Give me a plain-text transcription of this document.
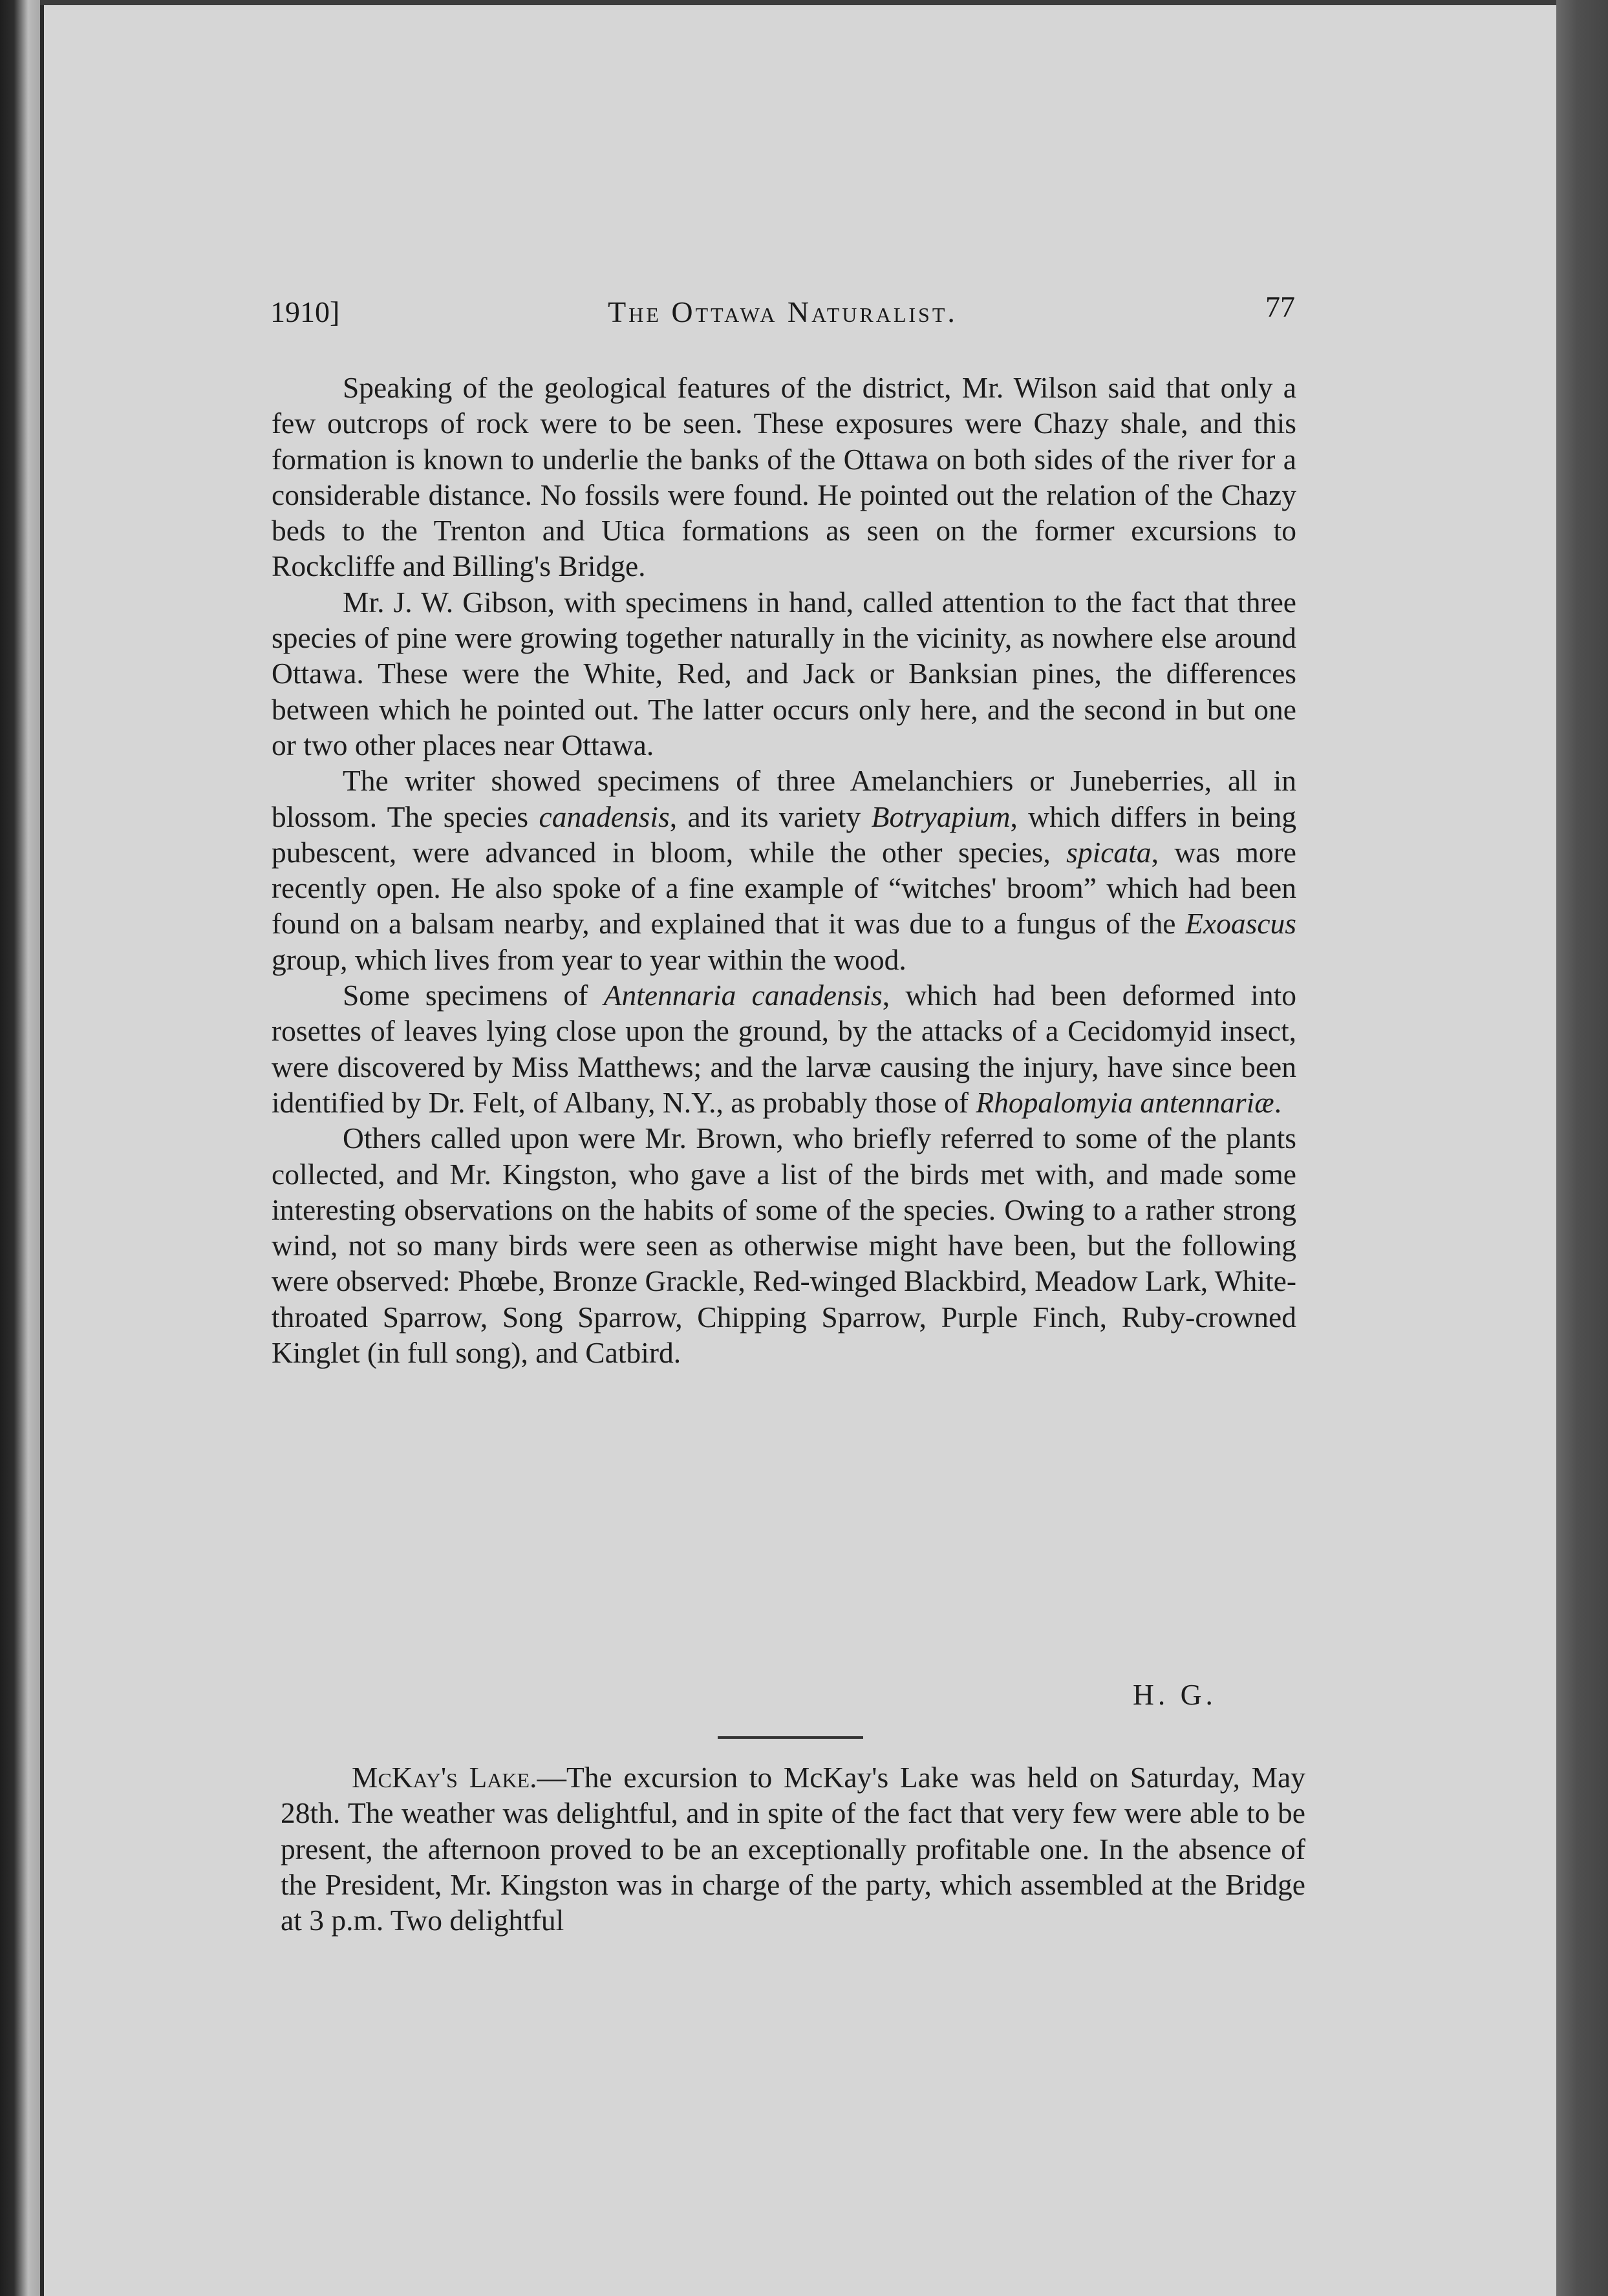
1910]	The Ottawa Naturalist.	77

Speaking of the geological features of the district, Mr. Wilson said that only a few outcrops of rock were to be seen. These exposures were Chazy shale, and this formation is known to underlie the banks of the Ottawa on both sides of the river for a considerable distance. No fossils were found. He pointed out the relation of the Chazy beds to the Trenton and Utica formations as seen on the former excursions to Rockcliffe and Billing's Bridge.

Mr. J. W. Gibson, with specimens in hand, called attention to the fact that three species of pine were growing together naturally in the vicinity, as nowhere else around Ottawa. These were the White, Red, and Jack or Banksian pines, the differences between which he pointed out. The latter occurs only here, and the second in but one or two other places near Ottawa.

The writer showed specimens of three Amelanchiers or Juneberries, all in blossom. The species canadensis, and its variety Botryapium, which differs in being pubescent, were advanced in bloom, while the other species, spicata, was more recently open. He also spoke of a fine example of “witches' broom” which had been found on a balsam nearby, and explained that it was due to a fungus of the Exoascus group, which lives from year to year within the wood.

Some specimens of Antennaria canadensis, which had been deformed into rosettes of leaves lying close upon the ground, by the attacks of a Cecidomyid insect, were discovered by Miss Matthews; and the larvæ causing the injury, have since been identified by Dr. Felt, of Albany, N.Y., as probably those of Rhopalomyia antennariæ.

Others called upon were Mr. Brown, who briefly referred to some of the plants collected, and Mr. Kingston, who gave a list of the birds met with, and made some interesting observations on the habits of some of the species. Owing to a rather strong wind, not so many birds were seen as otherwise might have been, but the following were observed: Phœbe, Bronze Grackle, Red-winged Blackbird, Meadow Lark, White-throated Sparrow, Song Sparrow, Chipping Sparrow, Purple Finch, Ruby-crowned Kinglet (in full song), and Catbird.

H. G.

McKay's Lake.—The excursion to McKay's Lake was held on Saturday, May 28th. The weather was delightful, and in spite of the fact that very few were able to be present, the afternoon proved to be an exceptionally profitable one. In the absence of the President, Mr. Kingston was in charge of the party, which assembled at the Bridge at 3 p.m. Two delightful
